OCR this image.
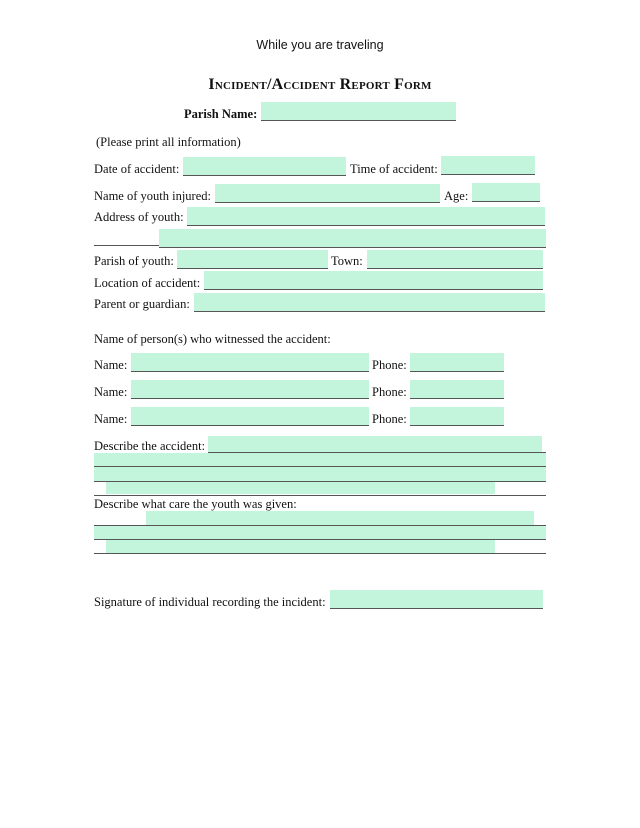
While you are traveling
Incident/Accident Report Form
Parish Name:
(Please print all information)
Date of accident:	Time of accident:
Name of youth injured:	Age:
Address of youth:
Parish of youth:	Town:
Location of accident:
Parent or guardian:
Name of person(s) who witnessed the accident:
Name:	Phone:
Name:	Phone:
Name:	Phone:
Describe the accident:
Describe what care the youth was given:
Signature of individual recording the incident:
